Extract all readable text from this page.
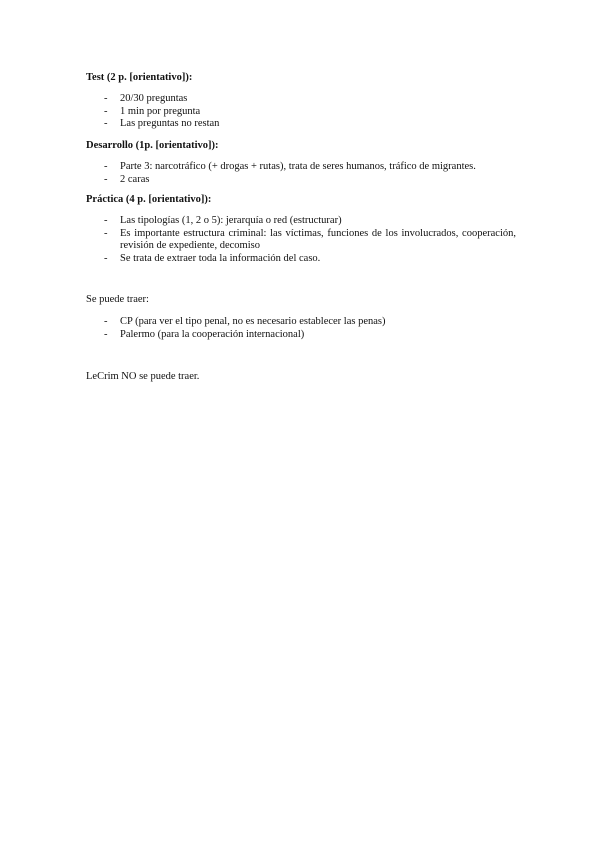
Test (2 p. [orientativo]):
- 20/30 preguntas
- 1 min por pregunta
- Las preguntas no restan
Desarrollo (1p. [orientativo]):
- Parte 3: narcotráfico (+ drogas + rutas), trata de seres humanos, tráfico de migrantes.
- 2 caras
Práctica (4 p. [orientativo]):
- Las tipologías (1, 2 o 5): jerarquía o red (estructurar)
- Es importante estructura criminal: las víctimas, funciones de los involucrados, cooperación, revisión de expediente, decomiso
- Se trata de extraer toda la información del caso.
Se puede traer:
- CP (para ver el tipo penal, no es necesario establecer las penas)
- Palermo (para la cooperación internacional)
LeCrim NO se puede traer.
